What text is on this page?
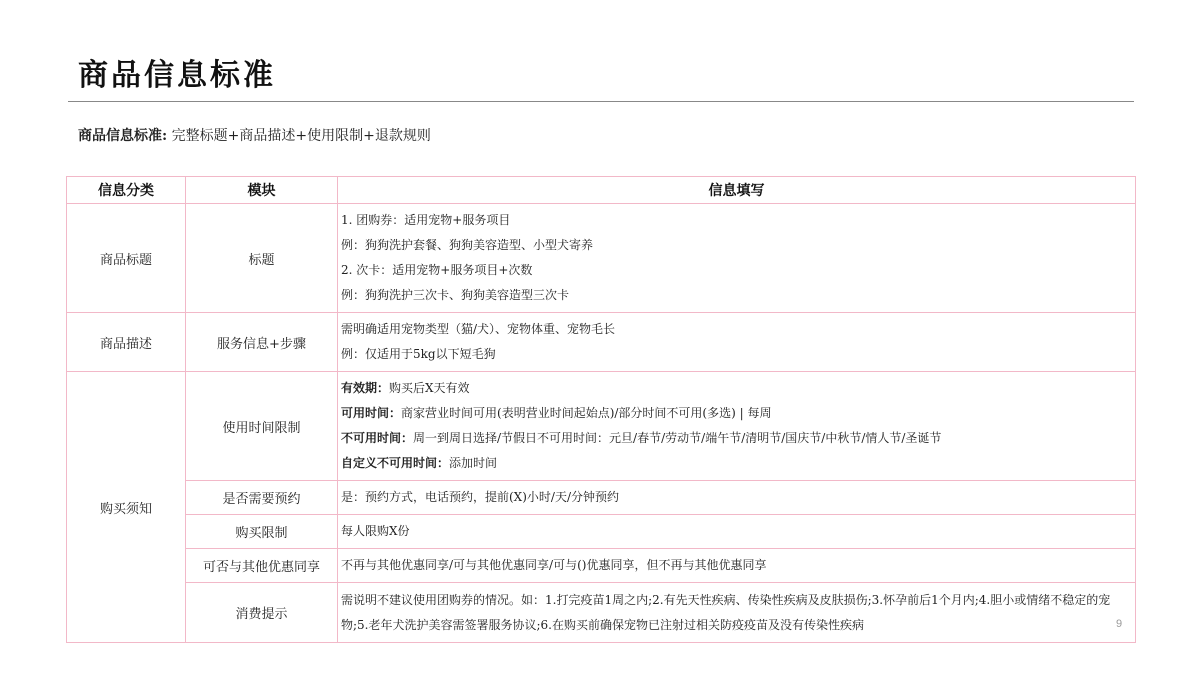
商品信息标准
商品信息标准: 完整标题+商品描述+使用限制+退款规则
信息分类	模块	信息填写
商品标题	标题	1. 团购券：适用宠物+服务项目
例：狗狗洗护套餐、狗狗美容造型、小型犬寄养
2. 次卡：适用宠物+服务项目+次数
例：狗狗洗护三次卡、狗狗美容造型三次卡

商品描述	服务信息+步骤	需明确适用宠物类型（猫/犬）、宠物体重、宠物毛长
例：仅适用于5kg以下短毛狗

购买须知	使用时间限制	有效期：购买后X天有效
可用时间：商家营业时间可用(表明营业时间起始点)/部分时间不可用(多选) | 每周
不可用时间：周一到周日选择/节假日不可用时间：元旦/春节/劳动节/端午节/清明节/国庆节/中秋节/情人节/圣诞节
自定义不可用时间：添加时间

	是否需要预约	是：预约方式，电话预约，提前(X)小时/天/分钟预约

	购买限制	每人限购X份

	可否与其他优惠同享	不再与其他优惠同享/可与其他优惠同享/可与()优惠同享，但不再与其他优惠同享

	消费提示	需说明不建议使用团购券的情况。如：1.打完疫苗1周之内;2.有先天性疾病、传染性疾病及皮肤损伤;3.怀孕前后1个月内;4.胆小或情绪不稳定的宠物;5.老年犬洗护美容需签署服务协议;6.在购买前确保宠物已注射过相关防疫疫苗及没有传染性疾病	9
